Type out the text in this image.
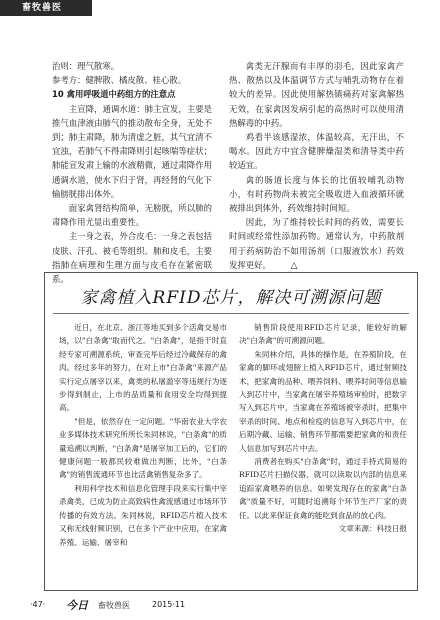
畜牧兽医

治则：理气散寒。

参考方：健脾散、橘皮散、桂心散。

10 禽用呼吸道中药组方的注意点

主宣降，通调水道：肺主宣发，主要是推气血津液由肺气的推动散布全身，无处不到；肺主肃降，肺为清虚之脏，其气宜清不宜浊，若肺气不得肃降则引起咳喘等症状；肺能宣发肃上输的水液精微，通过肃降作用通调水道，使水下归于肾，再经肾的气化下输膀胱排出体外。

面家禽肾结构简单，无膀胱，所以肺的肃降作用尤显出重要性。

主一身之表，外合皮毛：一身之表包括皮肤、汗孔、被毛等组织。肺和皮毛，主要指肺在病理和生理方面与皮毛存在紧密联系。

禽类无汗腺而有丰厚的羽毛，因此家禽产热、散热以及体温调节方式与哺乳动物存在着较大的差异。因此使用解热镇痛药对家禽解热无效，在家禽因发病引起的高热时可以使用清热解毒的中药。

鸡看半该感湿浓，体温较高，无汗出，不喝水。因此方中宜含健脾燥湿类和清导类中药较适宜。

禽的肠道长度与体长的比值较哺乳动物小，有时药物尚未被完全吸收进入血液循环就被排出到体外，药效维持时间短。

因此，为了维持较长时间的药效，需要长时间或经常性添加药物。通常认为，中药散剂用于药病防治不如用汤剂（口服液饮水）药效发挥更好。 △

家禽植入RFID芯片，解决可溯源问题

近日，在北京、浙江等地买到多个活禽交易市场，以"白条禽"取而代之。"白条禽"，是指干时直经专家可溯源系统，审查完毕后经过冷藏保存的禽肉。经过多年的努力，在对上市"白条禽"来源产品实行定点屠宰以来，禽类的私屠滥宰等违规行为逐步得到制止，上市的品质量和食用安全均得到提高。

"但是，依然存在一定问题。"华南农业大学农业多媒体技术研究所所长朱同林说，"白条禽"的质量追溯以判断，"白条禽"是屠宰加工后的，它们的健康问题一般都民较难做出判断，比外，"白条禽"的销售流通环节也比活禽销售复杂多了。

利用科学技术和信息化管理手段来实行集中宰杀禽类，已成为防止高致病性禽流感通过市场环节传播的有效方法。朱同林说，RFID芯片植入技术又称无线射频识别，已在多个产业中应用，在家禽养殖、运输、屠宰和

销售阶段使用RFID芯片记录，能较好的解决"白条禽"的可溯源问题。

朱同林介绍，具体的操作是，在养殖阶段，在家禽的脚环或翅膀上植入RFID芯片，通过射频技术，把家禽的品种、喂养饲料、喂养时间等信息输入到芯片中，当家禽在屠宰养殖场审检时，把数字写入到芯片中，当家禽在养殖场被宰杀时，把集中宰杀的时间、地点和检疫的信息写入到芯片中，在后期冷藏、运输、销售环节都需要把家禽的和责任人信息加写到芯片中去。

消费者在购买"白条禽"时，通过手持式简易的RFID芯片扫描仪器，就可以读取以内部的信息来追踪家禽喂养的信息。如果发现存在的家禽"白条禽"质量不好，可随时追溯每个环节生产厂家的责任。以此来保证食禽的能吃到食品的放心肉。

文章来源：科技日报

·47· 今日 畜牧兽医	2015·11
